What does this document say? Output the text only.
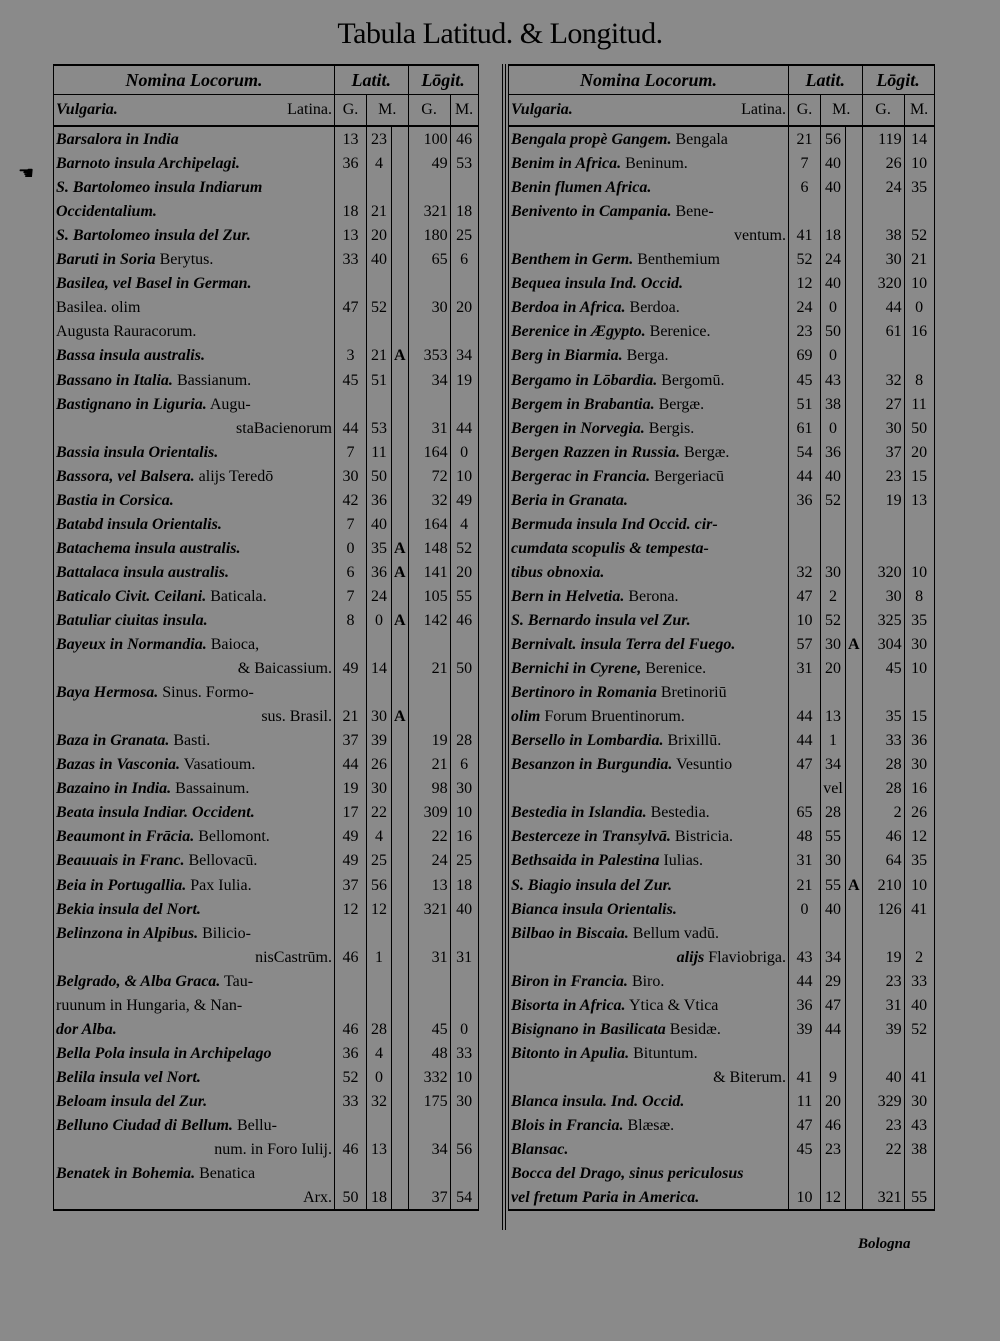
Tabula Latitud. & Longitud.
Nomina Locorum.	Latit.			Lōgit.	

Vulgaria. Latina.	G.	M.		G.	M.

Barsalora in India	13	23		100	46

Barnoto insula Archipelagi.	36	4		49	53

S. Bartolomeo insula Indiarum					

Occidentalium.	18	21		321	18

S. Bartolomeo insula del Zur.	13	20		180	25

Baruti in Soria Berytus.	33	40		65	6

Basilea, vel Basel in German.					

Basilea. olim	47	52		30	20

Augusta Rauracorum.					

Bassa insula australis.	3	21	A	353	34

Bassano in Italia. Bassianum.	45	51		34	19

Bastignano in Liguria. Augu-					

staBacienorum	44	53		31	44

Bassia insula Orientalis.	7	11		164	0

Bassora, vel Balsera. alijs Teredō	30	50		72	10

Bastia in Corsica.	42	36		32	49

Batabd insula Orientalis.	7	40		164	4

Batachema insula australis.	0	35	A	148	52

Battalaca insula australis.	6	36	A	141	20

Baticalo Civit. Ceilani. Baticala.	7	24		105	55

Batuliar ciuitas insula.	8	0	A	142	46

Bayeux in Normandia. Baioca,					

& Baicassium.	49	14		21	50

Baya Hermosa. Sinus. Formo-					

sus. Brasil.	21	30	A		

Baza in Granata. Basti.	37	39		19	28

Bazas in Vasconia. Vasatioum.	44	26		21	6

Bazaino in India. Bassainum.	19	30		98	30

Beata insula Indiar. Occident.	17	22		309	10

Beaumont in Frācia. Bellomont.	49	4		22	16

Beauuais in Franc. Bellovacū.	49	25		24	25

Beia in Portugallia. Pax Iulia.	37	56		13	18

Bekia insula del Nort.	12	12		321	40

Belinzona in Alpibus. Bilicio-					

nisCastrūm.	46	1		31	31

Belgrado, & Alba Graca. Tau-					

ruunum in Hungaria, & Nan-					

dor Alba.	46	28		45	0

Bella Pola insula in Archipelago	36	4		48	33

Belila insula vel Nort.	52	0		332	10

Beloam insula del Zur.	33	32		175	30

Belluno Ciudad di Bellum. Bellu-					

num. in Foro Iulij.	46	13		34	56

Benatek in Bohemia. Benatica					

Arx.	50	18		37	54
Nomina Locorum.	Latit.			Lōgit.	

Vulgaria. Latina.	G.	M.		G.	M.

Bengala propè Gangem. Bengala	21	56		119	14

Benim in Africa. Beninum.	7	40		26	10

Benin flumen Africa.	6	40		24	35

Benivento in Campania. Bene-					

ventum.	41	18		38	52

Benthem in Germ. Benthemium	52	24		30	21

Bequea insula Ind. Occid.	12	40		320	10

Berdoa in Africa. Berdoa.	24	0		44	0

Berenice in Ægypto. Berenice.	23	50		61	16

Berg in Biarmia. Berga.	69	0			

Bergamo in Lōbardia. Bergomū.	45	43		32	8

Bergem in Brabantia. Bergæ.	51	38		27	11

Bergen in Norvegia. Bergis.	61	0		30	50

Bergen Razzen in Russia. Bergæ.	54	36		37	20

Bergerac in Francia. Bergeriacū	44	40		23	15

Beria in Granata.	36	52		19	13

Bermuda insula Ind Occid. cir-					

cumdata scopulis & tempesta-					

tibus obnoxia.	32	30		320	10

Bern in Helvetia. Berona.	47	2		30	8

S. Bernardo insula vel Zur.	10	52		325	35

Bernivalt. insula Terra del Fuego.	57	30	A	304	30

Bernichi in Cyrene, Berenice.	31	20		45	10

Bertinoro in Romania Bretinoriū					

olim Forum Bruentinorum.	44	13		35	15

Bersello in Lombardia. Brixillū.	44	1		33	36

Besanzon in Burgundia. Vesuntio	47	34		28	30

		vel		28	16

Bestedia in Islandia. Bestedia.	65	28		2	26

Besterceze in Transylvā. Bistricia.	48	55		46	12

Bethsaida in Palestina Iulias.	31	30		64	35

S. Biagio insula del Zur.	21	55	A	210	10

Bianca insula Orientalis.	0	40		126	41

Bilbao in Biscaia. Bellum vadū.					

alijs Flaviobriga.	43	34		19	2

Biron in Francia. Biro.	44	29		23	33

Bisorta in Africa. Ytica & Vtica	36	47		31	40

Bisignano in Basilicata Besidæ.	39	44		39	52

Bitonto in Apulia. Bituntum.					

& Biterum.	41	9		40	41

Blanca insula. Ind. Occid.	11	20		329	30

Blois in Francia. Blæsæ.	47	46		23	43

Blansac.	45	23		22	38

Bocca del Drago, sinus periculosus					

vel fretum Paria in America.	10	12		321	55
☚
Bologna
